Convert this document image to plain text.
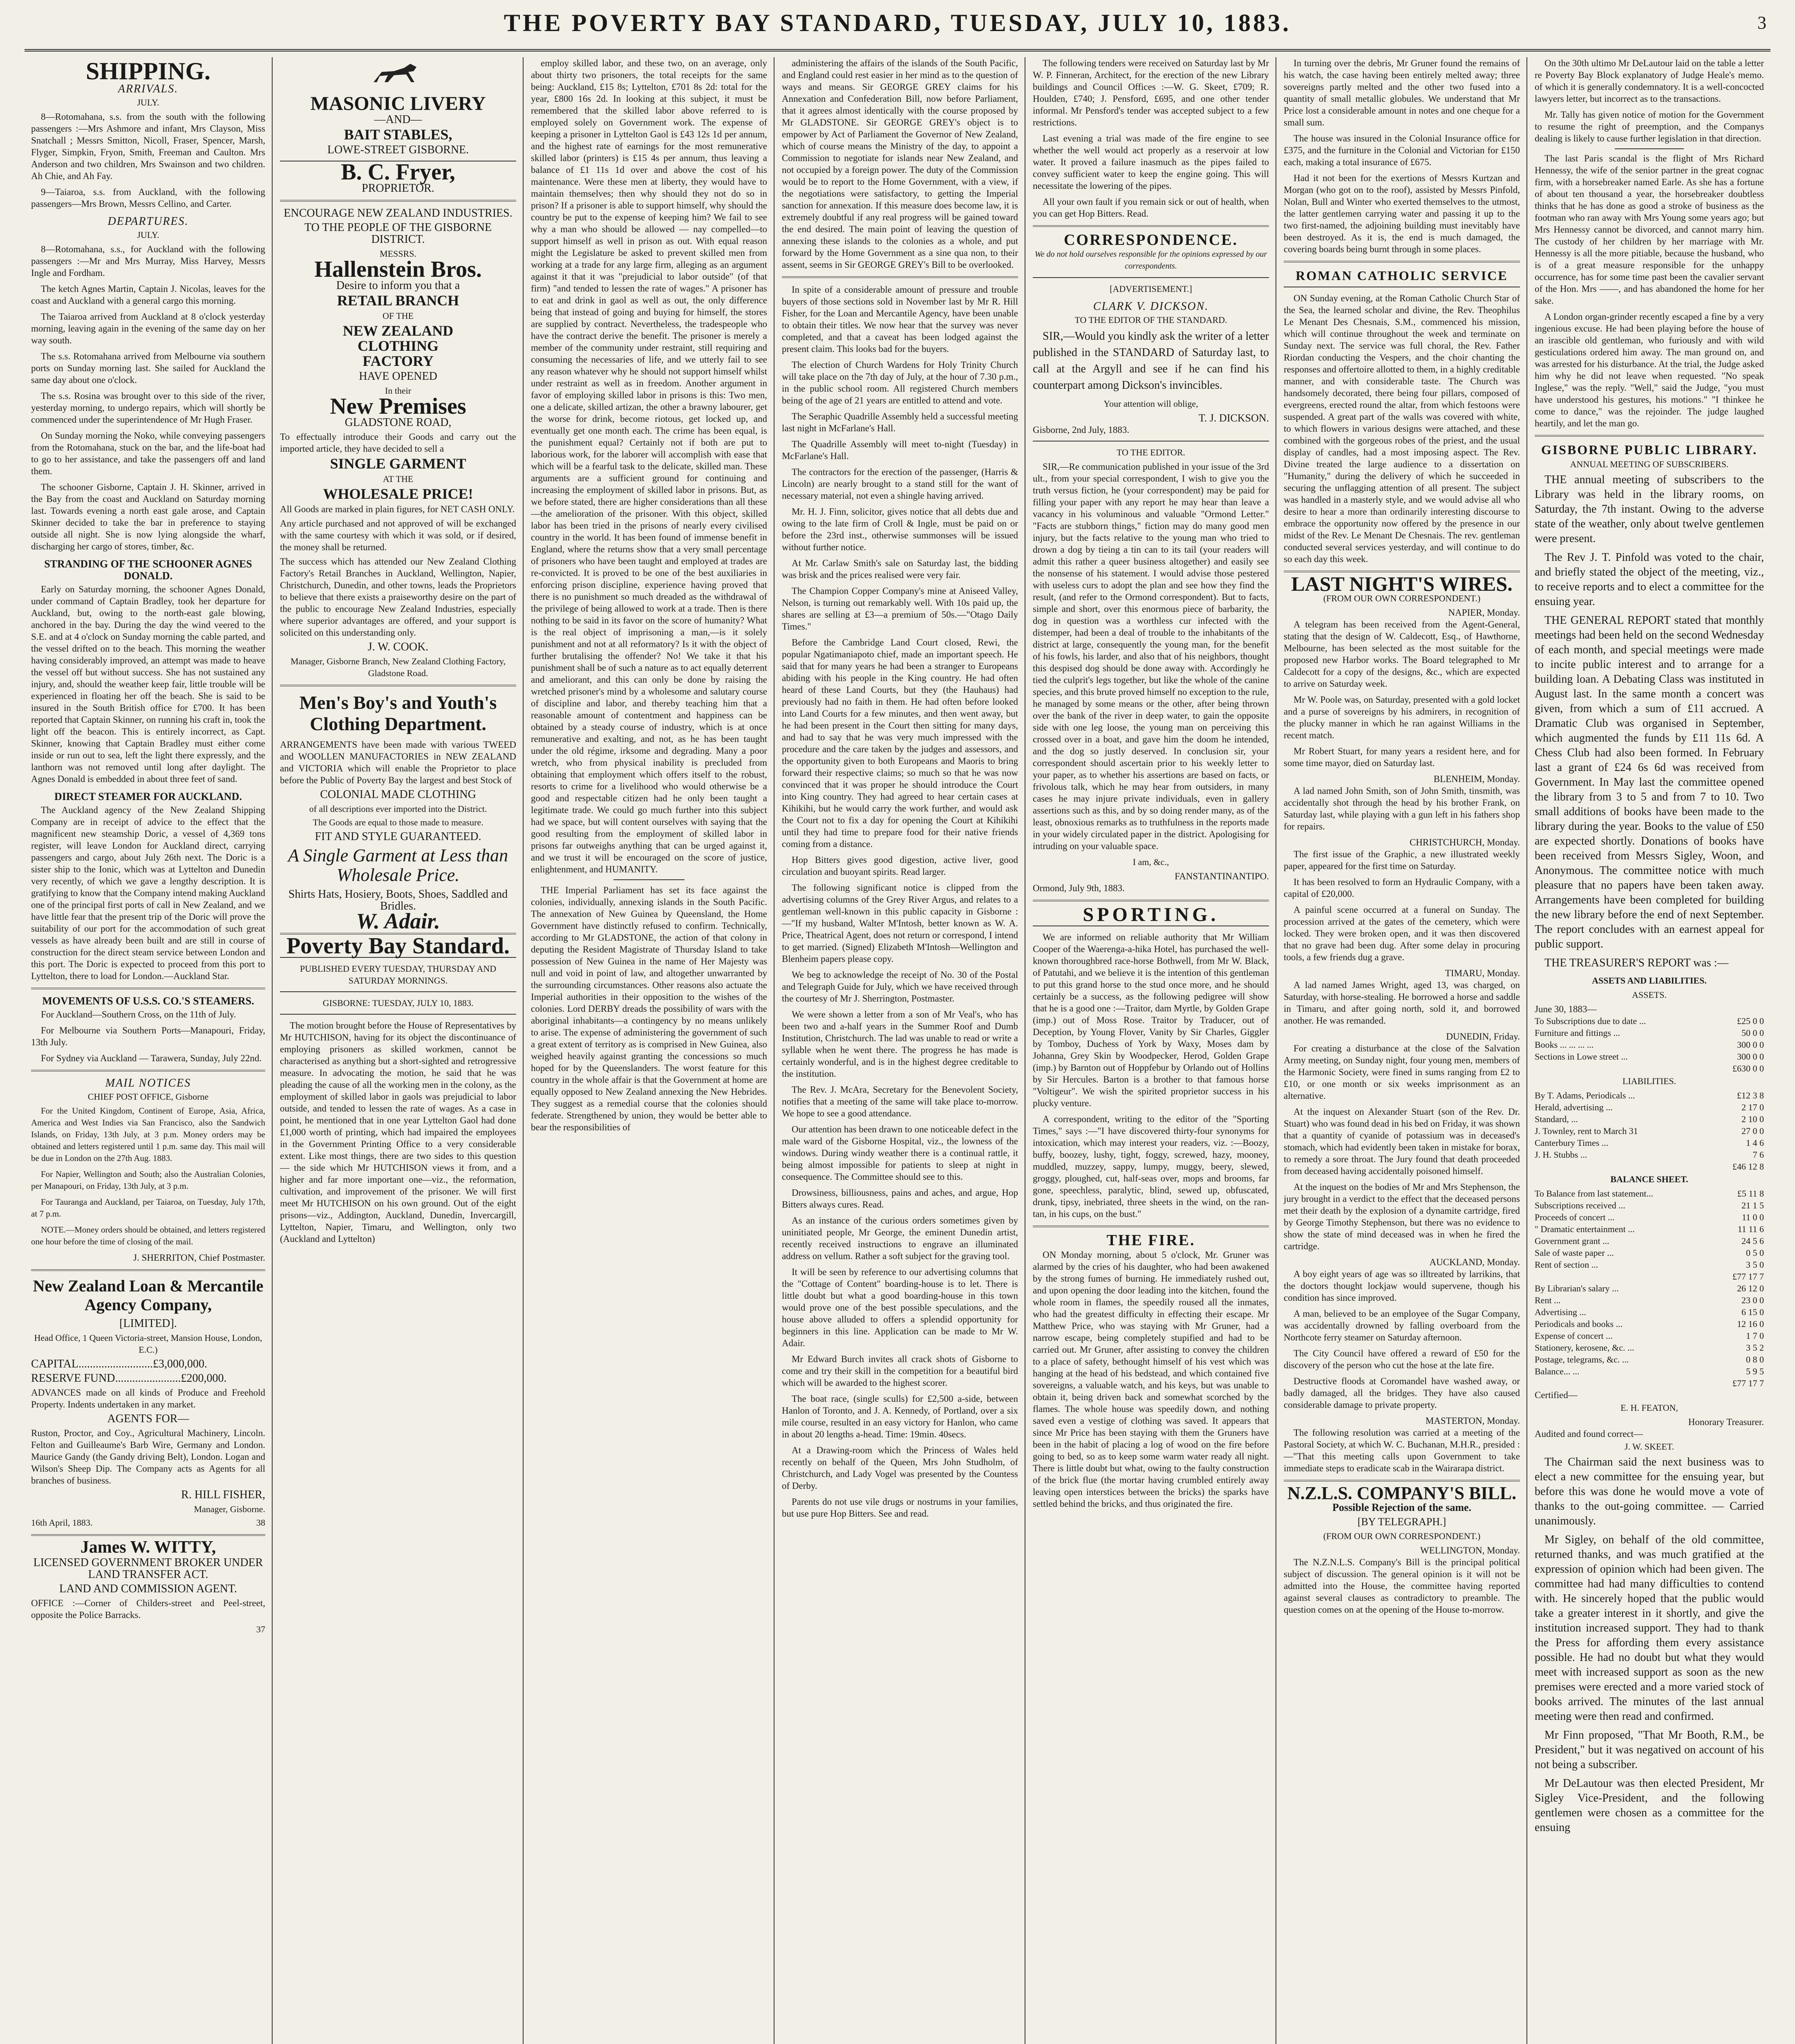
THE POVERTY BAY STANDARD, TUESDAY, JULY 10, 1883.	3
SHIPPING.
ARRIVALS.
JULY.

8—Rotomahana, s.s. from the south with the following passengers :—Mrs Ashmore and infant, Mrs Clayson, Miss Snatchall ; Messrs Smitton, Nicoll, Fraser, Spencer, Marsh, Flyger, Simpkin, Fryon, Smith, Freeman and Caulton. Mrs Anderson and two children, Mrs Swainson and two children. Ah Chie, and Ah Fay.

9—Taiaroa, s.s. from Auckland, with the following passengers—Mrs Brown, Messrs Cellino, and Carter.

DEPARTURES.
JULY.

8—Rotomahana, s.s., for Auckland with the following passengers :—Mr and Mrs Murray, Miss Harvey, Messrs Ingle and Fordham.

The ketch Agnes Martin, Captain J. Nicolas, leaves for the coast and Auckland with a general cargo this morning.

The Taiaroa arrived from Auckland at 8 o'clock yesterday morning, leaving again in the evening of the same day on her way south.

The s.s. Rotomahana arrived from Melbourne via southern ports on Sunday morning last. She sailed for Auckland the same day about one o'clock.

The s.s. Rosina was brought over to this side of the river, yesterday morning, to undergo repairs, which will shortly be commenced under the superintendence of Mr Hugh Fraser.

On Sunday morning the Noko, while conveying passengers from the Rotomahana, stuck on the bar, and the life-boat had to go to her assistance, and take the passengers off and land them.

The schooner Gisborne, Captain J. H. Skinner, arrived in the Bay from the coast and Auckland on Saturday morning last. Towards evening a north east gale arose, and Captain Skinner decided to take the bar in preference to staying outside all night. She is now lying alongside the wharf, discharging her cargo of stores, timber, &c.

STRANDING OF THE SCHOONER AGNES DONALD.

Early on Saturday morning, the schooner Agnes Donald, under command of Captain Bradley, took her departure for Auckland, but, owing to the north-east gale blowing, anchored in the bay. During the day the wind veered to the S.E. and at 4 o'clock on Sunday morning the cable parted, and the vessel drifted on to the beach. This morning the weather having considerably improved, an attempt was made to heave the vessel off but without success. She has not sustained any injury, and, should the weather keep fair, little trouble will be experienced in floating her off the beach. She is said to be insured in the South British office for £700. It has been reported that Captain Skinner, on running his craft in, took the light off the beacon. This is entirely incorrect, as Capt. Skinner, knowing that Captain Bradley must either come inside or run out to sea, left the light there expressly, and the lanthorn was not removed until long after daylight. The Agnes Donald is embedded in about three feet of sand.

DIRECT STEAMER FOR AUCKLAND.

The Auckland agency of the New Zealand Shipping Company are in receipt of advice to the effect that the magnificent new steamship Doric, a vessel of 4,369 tons register, will leave London for Auckland direct, carrying passengers and cargo, about July 26th next. The Doric is a sister ship to the Ionic, which was at Lyttelton and Dunedin very recently, of which we gave a lengthy description. It is gratifying to know that the Company intend making Auckland one of the principal first ports of call in New Zealand, and we have little fear that the present trip of the Doric will prove the suitability of our port for the accommodation of such great vessels as have already been built and are still in course of construction for the direct steam service between London and this port. The Doric is expected to proceed from this port to Lyttelton, there to load for London.—Auckland Star.

MOVEMENTS OF U.S.S. CO.'S STEAMERS.

For Auckland—Southern Cross, on the 11th of July.

For Melbourne via Southern Ports—Manapouri, Friday, 13th July.

For Sydney via Auckland — Tarawera, Sunday, July 22nd.

MAIL NOTICES
CHIEF POST OFFICE, Gisborne

For the United Kingdom, Continent of Europe, Asia, Africa, America and West Indies via San Francisco, also the Sandwich Islands, on Friday, 13th July, at 3 p.m. Money orders may be obtained and letters registered until 1 p.m. same day. This mail will be due in London on the 27th Aug. 1883.

For Napier, Wellington and South; also the Australian Colonies, per Manapouri, on Friday, 13th July, at 3 p.m.

For Tauranga and Auckland, per Taiaroa, on Tuesday, July 17th, at 7 p.m.

NOTE.—Money orders should be obtained, and letters registered one hour before the time of closing of the mail.

J. SHERRITON, Chief Postmaster.
New Zealand Loan & Mercantile Agency Company,
[LIMITED].
Head Office, 1 Queen Victoria-street, Mansion House, London, E.C.)
CAPITAL..........................£3,000,000.
RESERVE FUND.......................£200,000.
ADVANCES made on all kinds of Produce and Freehold Property. Indents undertaken in any market.
AGENTS FOR—
Ruston, Proctor, and Coy., Agricultural Machinery, Lincoln. Felton and Guilleaume's Barb Wire, Germany and London. Maurice Gandy (the Gandy driving Belt), London. Logan and Wilson's Sheep Dip. The Company acts as Agents for all branches of business.
R. HILL FISHER,
Manager, Gisborne.
16th April, 1883.	38
James W. WITTY,
LICENSED GOVERNMENT BROKER UNDER LAND TRANSFER ACT.
LAND AND COMMISSION AGENT.
OFFICE :—Corner of Childers-street and Peel-street, opposite the Police Barracks.
37
MASONIC LIVERY
—AND—
BAIT STABLES,
LOWE-STREET GISBORNE.
B. C. Fryer,
PROPRIETOR.
ENCOURAGE NEW ZEALAND INDUSTRIES.
TO THE PEOPLE OF THE GISBORNE DISTRICT.
MESSRS.
Hallenstein Bros.
Desire to inform you that a
RETAIL BRANCH
OF THE
NEW ZEALAND
CLOTHING
FACTORY
HAVE OPENED
In their
New Premises
GLADSTONE ROAD,
To effectually introduce their Goods and carry out the imported article, they have decided to sell a
SINGLE GARMENT
AT THE
WHOLESALE PRICE!
All Goods are marked in plain figures, for NET CASH ONLY.
Any article purchased and not approved of will be exchanged with the same courtesy with which it was sold, or if desired, the money shall be returned.
The success which has attended our New Zealand Clothing Factory's Retail Branches in Auckland, Wellington, Napier, Christchurch, Dunedin, and other towns, leads the Proprietors to believe that there exists a praiseworthy desire on the part of the public to encourage New Zealand Industries, especially where superior advantages are offered, and your support is solicited on this understanding only.
J. W. COOK.
Manager, Gisborne Branch, New Zealand Clothing Factory, Gladstone Road.
Men's Boy's and Youth's Clothing Department.
ARRANGEMENTS have been made with various TWEED and WOOLLEN MANUFACTORIES in NEW ZEALAND and VICTORIA which will enable the Proprietor to place before the Public of Poverty Bay the largest and best Stock of
COLONIAL MADE CLOTHING
of all descriptions ever imported into the District.
The Goods are equal to those made to measure.
FIT AND STYLE GUARANTEED.
A Single Garment at Less than Wholesale Price.
Shirts Hats, Hosiery, Boots, Shoes, Saddled and Bridles.
W. Adair.
Poverty Bay Standard.
PUBLISHED EVERY TUESDAY, THURSDAY AND SATURDAY MORNINGS.
GISBORNE: TUESDAY, JULY 10, 1883.

The motion brought before the House of Representatives by Mr HUTCHISON, having for its object the discontinuance of employing prisoners as skilled workmen, cannot be characterised as anything but a short-sighted and retrogressive measure. In advocating the motion, he said that he was pleading the cause of all the working men in the colony, as the employment of skilled labor in gaols was prejudicial to labor outside, and tended to lessen the rate of wages. As a case in point, he mentioned that in one year Lyttelton Gaol had done £1,000 worth of printing, which had impaired the employees in the Government Printing Office to a very considerable extent. Like most things, there are two sides to this question — the side which Mr HUTCHISON views it from, and a higher and far more important one—viz., the reformation, cultivation, and improvement of the prisoner. We will first meet Mr HUTCHISON on his own ground. Out of the eight prisons—viz., Addington, Auckland, Dunedin, Invercargill, Lyttelton, Napier, Timaru, and Wellington, only two (Auckland and Lyttelton)

employ skilled labor, and these two, on an average, only about thirty two prisoners, the total receipts for the same being: Auckland, £15 8s; Lyttelton, £701 8s 2d: total for the year, £800 16s 2d. In looking at this subject, it must be remembered that the skilled labor above referred to is employed solely on Government work. The expense of keeping a prisoner in Lyttelton Gaol is £43 12s 1d per annum, and the highest rate of earnings for the most remunerative skilled labor (printers) is £15 4s per annum, thus leaving a balance of £1 11s 1d over and above the cost of his maintenance. Were these men at liberty, they would have to maintain themselves; then why should they not do so in prison? If a prisoner is able to support himself, why should the country be put to the expense of keeping him? We fail to see why a man who should be allowed — nay compelled—to support himself as well in prison as out. With equal reason might the Legislature be asked to prevent skilled men from working at a trade for any large firm, alleging as an argument against it that it was "prejudicial to labor outside" (of that firm) "and tended to lessen the rate of wages." A prisoner has to eat and drink in gaol as well as out, the only difference being that instead of going and buying for himself, the stores are supplied by contract. Nevertheless, the tradespeople who have the contract derive the benefit. The prisoner is merely a member of the community under restraint, still requiring and consuming the necessaries of life, and we utterly fail to see any reason whatever why he should not support himself whilst under restraint as well as in freedom. Another argument in favor of employing skilled labor in prisons is this: Two men, one a delicate, skilled artizan, the other a brawny labourer, get the worse for drink, become riotous, get locked up, and eventually get one month each. The crime has been equal, is the punishment equal? Certainly not if both are put to laborious work, for the laborer will accomplish with ease that which will be a fearful task to the delicate, skilled man. These arguments are a sufficient ground for continuing and increasing the employment of skilled labor in prisons. But, as we before stated, there are higher considerations than all these—the amelioration of the prisoner. With this object, skilled labor has been tried in the prisons of nearly every civilised country in the world. It has been found of immense benefit in England, where the returns show that a very small percentage of prisoners who have been taught and employed at trades are re-convicted. It is proved to be one of the best auxiliaries in enforcing prison discipline, experience having proved that there is no punishment so much dreaded as the withdrawal of the privilege of being allowed to work at a trade. Then is there nothing to be said in its favor on the score of humanity? What is the real object of imprisoning a man,—is it solely punishment and not at all reformatory? Is it with the object of further brutalising the offender? No! We take it that his punishment shall be of such a nature as to act equally deterrent and ameliorant, and this can only be done by raising the wretched prisoner's mind by a wholesome and salutary course of discipline and labor, and thereby teaching him that a reasonable amount of contentment and happiness can be obtained by a steady course of industry, which is at once remunerative and exalting, and not, as he has been taught under the old régime, irksome and degrading. Many a poor wretch, who from physical inability is precluded from obtaining that employment which offers itself to the robust, resorts to crime for a livelihood who would otherwise be a good and respectable citizen had he only been taught a legitimate trade. We could go much further into this subject had we space, but will content ourselves with saying that the good resulting from the employment of skilled labor in prisons far outweighs anything that can be urged against it, and we trust it will be encouraged on the score of justice, enlightenment, and HUMANITY.

THE Imperial Parliament has set its face against the colonies, individually, annexing islands in the South Pacific. The annexation of New Guinea by Queensland, the Home Government have distinctly refused to confirm. Technically, according to Mr GLADSTONE, the action of that colony in deputing the Resident Magistrate of Thursday Island to take possession of New Guinea in the name of Her Majesty was null and void in point of law, and altogether unwarranted by the surrounding circumstances. Other reasons also actuate the Imperial authorities in their opposition to the wishes of the colonies. Lord DERBY dreads the possibility of wars with the aboriginal inhabitants—a contingency by no means unlikely to arise. The expense of administering the government of such a great extent of territory as is comprised in New Guinea, also weighed heavily against granting the concessions so much hoped for by the Queenslanders. The worst feature for this country in the whole affair is that the Government at home are equally opposed to New Zealand annexing the New Hebrides. They suggest as a remedial course that the colonies should federate. Strengthened by union, they would be better able to bear the responsibilities of

administering the affairs of the islands of the South Pacific, and England could rest easier in her mind as to the question of ways and means. Sir GEORGE GREY claims for his Annexation and Confederation Bill, now before Parliament, that it agrees almost identically with the course proposed by Mr GLADSTONE. Sir GEORGE GREY's object is to empower by Act of Parliament the Governor of New Zealand, which of course means the Ministry of the day, to appoint a Commission to negotiate for islands near New Zealand, and not occupied by a foreign power. The duty of the Commission would be to report to the Home Government, with a view, if the negotiations were satisfactory, to getting the Imperial sanction for annexation. If this measure does become law, it is extremely doubtful if any real progress will be gained toward the end desired. The main point of leaving the question of annexing these islands to the colonies as a whole, and put forward by the Home Government as a sine qua non, to their assent, seems in Sir GEORGE GREY's Bill to be overlooked.

In spite of a considerable amount of pressure and trouble buyers of those sections sold in November last by Mr R. Hill Fisher, for the Loan and Mercantile Agency, have been unable to obtain their titles. We now hear that the survey was never completed, and that a caveat has been lodged against the present claim. This looks bad for the buyers.

The election of Church Wardens for Holy Trinity Church will take place on the 7th day of July, at the hour of 7.30 p.m., in the public school room. All registered Church members being of the age of 21 years are entitled to attend and vote.

The Seraphic Quadrille Assembly held a successful meeting last night in McFarlane's Hall.

The Quadrille Assembly will meet to-night (Tuesday) in McFarlane's Hall.

The contractors for the erection of the passenger, (Harris & Lincoln) are nearly brought to a stand still for the want of necessary material, not even a shingle having arrived.

Mr. H. J. Finn, solicitor, gives notice that all debts due and owing to the late firm of Croll & Ingle, must be paid on or before the 23rd inst., otherwise summonses will be issued without further notice.

At Mr. Carlaw Smith's sale on Saturday last, the bidding was brisk and the prices realised were very fair.

The Champion Copper Company's mine at Aniseed Valley, Nelson, is turning out remarkably well. With 10s paid up, the shares are selling at £3—a premium of 50s.—"Otago Daily Times."

Before the Cambridge Land Court closed, Rewi, the popular Ngatimaniapoto chief, made an important speech. He said that for many years he had been a stranger to Europeans abiding with his people in the King country. He had often heard of these Land Courts, but they (the Hauhaus) had previously had no faith in them. He had often before looked into Land Courts for a few minutes, and then went away, but he had been present in the Court then sitting for many days, and had to say that he was very much impressed with the procedure and the care taken by the judges and assessors, and the opportunity given to both Europeans and Maoris to bring forward their respective claims; so much so that he was now convinced that it was proper he should introduce the Court into King country. They had agreed to hear certain cases at Kihikihi, but he would carry the work further, and would ask the Court not to fix a day for opening the Court at Kihikihi until they had time to prepare food for their native friends coming from a distance.

Hop Bitters gives good digestion, active liver, good circulation and buoyant spirits. Read larger.

The following significant notice is clipped from the advertising columns of the Grey River Argus, and relates to a gentleman well-known in this public capacity in Gisborne :—"If my husband, Walter M'Intosh, better known as W. A. Price, Theatrical Agent, does not return or correspond, I intend to get married. (Signed) Elizabeth M'Intosh—Wellington and Blenheim papers please copy.

We beg to acknowledge the receipt of No. 30 of the Postal and Telegraph Guide for July, which we have received through the courtesy of Mr J. Sherrington, Postmaster.

We were shown a letter from a son of Mr Veal's, who has been two and a-half years in the Summer Roof and Dumb Institution, Christchurch. The lad was unable to read or write a syllable when he went there. The progress he has made is certainly wonderful, and is in the highest degree creditable to the institution.

The Rev. J. McAra, Secretary for the Benevolent Society, notifies that a meeting of the same will take place to-morrow. We hope to see a good attendance.

Our attention has been drawn to one noticeable defect in the male ward of the Gisborne Hospital, viz., the lowness of the windows. During windy weather there is a continual rattle, it being almost impossible for patients to sleep at night in consequence. The Committee should see to this.

Drowsiness, billiousness, pains and aches, and argue, Hop Bitters always cures. Read.

As an instance of the curious orders sometimes given by uninitiated people, Mr George, the eminent Dunedin artist, recently received instructions to engrave an illuminated address on vellum. Rather a soft subject for the graving tool.

It will be seen by reference to our advertising columns that the "Cottage of Content" boarding-house is to let. There is little doubt but what a good boarding-house in this town would prove one of the best possible speculations, and the house above alluded to offers a splendid opportunity for beginners in this line. Application can be made to Mr W. Adair.

Mr Edward Burch invites all crack shots of Gisborne to come and try their skill in the competition for a beautiful bird which will be awarded to the highest scorer.

The boat race, (single sculls) for £2,500 a-side, between Hanlon of Toronto, and J. A. Kennedy, of Portland, over a six mile course, resulted in an easy victory for Hanlon, who came in about 20 lengths a-head. Time: 19min. 40secs.

At a Drawing-room which the Princess of Wales held recently on behalf of the Queen, Mrs John Studholm, of Christchurch, and Lady Vogel was presented by the Countess of Derby.

Parents do not use vile drugs or nostrums in your families, but use pure Hop Bitters. See and read.

The following tenders were received on Saturday last by Mr W. P. Finneran, Architect, for the erection of the new Library buildings and Council Offices :—W. G. Skeet, £709; R. Houlden, £740; J. Pensford, £695, and one other tender informal. Mr Pensford's tender was accepted subject to a few restrictions.

Last evening a trial was made of the fire engine to see whether the well would act properly as a reservoir at low water. It proved a failure inasmuch as the pipes failed to convey sufficient water to keep the engine going. This will necessitate the lowering of the pipes.

All your own fault if you remain sick or out of health, when you can get Hop Bitters. Read.

CORRESPONDENCE.
We do not hold ourselves responsible for the opinions expressed by our correspondents.
[ADVERTISEMENT.]
CLARK V. DICKSON.
TO THE EDITOR OF THE STANDARD.

SIR,—Would you kindly ask the writer of a letter published in the STANDARD of Saturday last, to call at the Argyll and see if he can find his counterpart among Dickson's invincibles.

Your attention will oblige,
T. J. DICKSON.
Gisborne, 2nd July, 1883.
TO THE EDITOR.

SIR,—Re communication published in your issue of the 3rd ult., from your special correspondent, I wish to give you the truth versus fiction, he (your correspondent) may be paid for filling your paper with any report he may hear than leave a vacancy in his voluminous and valuable "Ormond Letter." "Facts are stubborn things," fiction may do many good men injury, but the facts relative to the young man who tried to drown a dog by tieing a tin can to its tail (your readers will admit this rather a queer business altogether) and easily see the nonsense of his statement. I would advise those pestered with useless curs to adopt the plan and see how they find the result, (and refer to the Ormond correspondent). But to facts, simple and short, over this enormous piece of barbarity, the dog in question was a worthless cur infected with the distemper, had been a deal of trouble to the inhabitants of the district at large, consequently the young man, for the benefit of his fowls, his larder, and also that of his neighbors, thought this despised dog should be done away with. Accordingly he tied the culprit's legs together, but like the whole of the canine species, and this brute proved himself no exception to the rule, he managed by some means or the other, after being thrown over the bank of the river in deep water, to gain the opposite side with one leg loose, the young man on perceiving this crossed over in a boat, and gave him the doom he intended, and the dog so justly deserved. In conclusion sir, your correspondent should ascertain prior to his weekly letter to your paper, as to whether his assertions are based on facts, or frivolous talk, which he may hear from outsiders, in many cases he may injure private individuals, even in gallery assertions such as this, and by so doing render many, as of the least, obnoxious remarks as to truthfulness in the reports made in your widely circulated paper in the district. Apologising for intruding on your valuable space.

I am, &c.,
FANSTANTINANTIPO.
Ormond, July 9th, 1883.
SPORTING.

We are informed on reliable authority that Mr William Cooper of the Waerenga-a-hika Hotel, has purchased the well-known thoroughbred race-horse Bothwell, from Mr W. Black, of Patutahi, and we believe it is the intention of this gentleman to put this grand horse to the stud once more, and he should certainly be a success, as the following pedigree will show that he is a good one :—Traitor, dam Myrtle, by Golden Grape (imp.) out of Moss Rose. Traitor by Traducer, out of Deception, by Young Flover, Vanity by Sir Charles, Giggler by Tomboy, Duchess of York by Waxy, Moses dam by Johanna, Grey Skin by Woodpecker, Herod, Golden Grape (imp.) by Barnton out of Hoppfebur by Orlando out of Hollins by Sir Hercules. Barton is a brother to that famous horse "Voltigeur". We wish the spirited proprietor success in his plucky venture.

A correspondent, writing to the editor of the "Sporting Times," says :—"I have discovered thirty-four synonyms for intoxication, which may interest your readers, viz. :—Boozy, buffy, boozey, lushy, tight, foggy, screwed, hazy, mooney, muddled, muzzey, sappy, lumpy, muggy, beery, slewed, groggy, ploughed, cut, half-seas over, mops and brooms, far gone, speechless, paralytic, blind, sewed up, obfuscated, drunk, tipsy, inebriated, three sheets in the wind, on the ran-tan, in his cups, on the bust."

THE FIRE.

ON Monday morning, about 5 o'clock, Mr. Gruner was alarmed by the cries of his daughter, who had been awakened by the strong fumes of burning. He immediately rushed out, and upon opening the door leading into the kitchen, found the whole room in flames, the speedily roused all the inmates, who had the greatest difficulty in effecting their escape. Mr Matthew Price, who was staying with Mr Gruner, had a narrow escape, being completely stupified and had to be carried out. Mr Gruner, after assisting to convey the children to a place of safety, bethought himself of his vest which was hanging at the head of his bedstead, and which contained five sovereigns, a valuable watch, and his keys, but was unable to obtain it, being driven back and somewhat scorched by the flames. The whole house was speedily down, and nothing saved even a vestige of clothing was saved. It appears that since Mr Price has been staying with them the Gruners have been in the habit of placing a log of wood on the fire before going to bed, so as to keep some warm water ready all night. There is little doubt but what, owing to the faulty construction of the brick flue (the mortar having crumbled entirely away leaving open interstices between the bricks) the sparks have settled behind the bricks, and thus originated the fire.

In turning over the debris, Mr Gruner found the remains of his watch, the case having been entirely melted away; three sovereigns partly melted and the other two fused into a quantity of small metallic globules. We understand that Mr Price lost a considerable amount in notes and one cheque for a small sum.

The house was insured in the Colonial Insurance office for £375, and the furniture in the Colonial and Victorian for £150 each, making a total insurance of £675.

Had it not been for the exertions of Messrs Kurtzan and Morgan (who got on to the roof), assisted by Messrs Pinfold, Nolan, Bull and Winter who exerted themselves to the utmost, the latter gentlemen carrying water and passing it up to the two first-named, the adjoining building must inevitably have been destroyed. As it is, the end is much damaged, the covering boards being burnt through in some places.

ROMAN CATHOLIC SERVICE

ON Sunday evening, at the Roman Catholic Church Star of the Sea, the learned scholar and divine, the Rev. Theophilus Le Menant Des Chesnais, S.M., commenced his mission, which will continue throughout the week and terminate on Sunday next. The service was full choral, the Rev. Father Riordan conducting the Vespers, and the choir chanting the responses and offertoire allotted to them, in a highly creditable manner, and with considerable taste. The Church was handsomely decorated, there being four pillars, composed of evergreens, erected round the altar, from which festoons were suspended. A great part of the walls was covered with white, to which flowers in various designs were attached, and these combined with the gorgeous robes of the priest, and the usual display of candles, had a most imposing aspect. The Rev. Divine treated the large audience to a dissertation on "Humanity," during the delivery of which he succeeded in securing the unflagging attention of all present. The subject was handled in a masterly style, and we would advise all who desire to hear a more than ordinarily interesting discourse to embrace the opportunity now offered by the presence in our midst of the Rev. Le Menant De Chesnais. The rev. gentleman conducted several services yesterday, and will continue to do so each day this week.

LAST NIGHT'S WIRES.
(FROM OUR OWN CORRESPONDENT.)
NAPIER, Monday.

A telegram has been received from the Agent-General, stating that the design of W. Caldecott, Esq., of Hawthorne, Melbourne, has been selected as the most suitable for the proposed new Harbor works. The Board telegraphed to Mr Caldecott for a copy of the designs, &c., which are expected to arrive on Saturday week.

Mr W. Poole was, on Saturday, presented with a gold locket and a purse of sovereigns by his admirers, in recognition of the plucky manner in which he ran against Williams in the recent match.

Mr Robert Stuart, for many years a resident here, and for some time mayor, died on Saturday last.

BLENHEIM, Monday.

A lad named John Smith, son of John Smith, tinsmith, was accidentally shot through the head by his brother Frank, on Saturday last, while playing with a gun left in his fathers shop for repairs.

CHRISTCHURCH, Monday.

The first issue of the Graphic, a new illustrated weekly paper, appeared for the first time on Saturday.

It has been resolved to form an Hydraulic Company, with a capital of £20,000.

A painful scene occurred at a funeral on Sunday. The procession arrived at the gates of the cemetery, which were locked. They were broken open, and it was then discovered that no grave had been dug. After some delay in procuring tools, a few friends dug a grave.

TIMARU, Monday.

A lad named James Wright, aged 13, was charged, on Saturday, with horse-stealing. He borrowed a horse and saddle in Timaru, and after going north, sold it, and borrowed another. He was remanded.

DUNEDIN, Friday.

For creating a disturbance at the close of the Salvation Army meeting, on Sunday night, four young men, members of the Harmonic Society, were fined in sums ranging from £2 to £10, or one month or six weeks imprisonment as an alternative.

At the inquest on Alexander Stuart (son of the Rev. Dr. Stuart) who was found dead in his bed on Friday, it was shown that a quantity of cyanide of potassium was in deceased's stomach, which had evidently been taken in mistake for borax, to remedy a sore throat. The Jury found that death proceeded from deceased having accidentally poisoned himself.

At the inquest on the bodies of Mr and Mrs Stephenson, the jury brought in a verdict to the effect that the deceased persons met their death by the explosion of a dynamite cartridge, fired by George Timothy Stephenson, but there was no evidence to show the state of mind deceased was in when he fired the cartridge.

AUCKLAND, Monday.

A boy eight years of age was so illtreated by larrikins, that the doctors thought lockjaw would supervene, though his condition has since improved.

A man, believed to be an employee of the Sugar Company, was accidentally drowned by falling overboard from the Northcote ferry steamer on Saturday afternoon.

The City Council have offered a reward of £50 for the discovery of the person who cut the hose at the late fire.

Destructive floods at Coromandel have washed away, or badly damaged, all the bridges. They have also caused considerable damage to private property.

MASTERTON, Monday.

The following resolution was carried at a meeting of the Pastoral Society, at which W. C. Buchanan, M.H.R., presided :—"That this meeting calls upon Government to take immediate steps to eradicate scab in the Wairarapa district.

N.Z.L.S. COMPANY'S BILL.
Possible Rejection of the same.
[BY TELEGRAPH.]
(FROM OUR OWN CORRESPONDENT.)
WELLINGTON, Monday.

The N.Z.N.L.S. Company's Bill is the principal political subject of discussion. The general opinion is it will not be admitted into the House, the committee having reported against several clauses as contradictory to preamble. The question comes on at the opening of the House to-morrow.

On the 30th ultimo Mr DeLautour laid on the table a letter re Poverty Bay Block explanatory of Judge Heale's memo. of which it is generally condemnatory. It is a well-concocted lawyers letter, but incorrect as to the transactions.

Mr. Tally has given notice of motion for the Government to resume the right of preemption, and the Companys dealing is likely to cause further legislation in that direction.

The last Paris scandal is the flight of Mrs Richard Hennessy, the wife of the senior partner in the great cognac firm, with a horsebreaker named Earle. As she has a fortune of about ten thousand a year, the horsebreaker doubtless thinks that he has done as good a stroke of business as the footman who ran away with Mrs Young some years ago; but Mrs Hennessy cannot be divorced, and cannot marry him. The custody of her children by her marriage with Mr. Hennessy is all the more pitiable, because the husband, who is of a great measure responsible for the unhappy occurrence, has for some time past been the cavalier servant of the Hon. Mrs ——, and has abandoned the home for her sake.

A London organ-grinder recently escaped a fine by a very ingenious excuse. He had been playing before the house of an irascible old gentleman, who furiously and with wild gesticulations ordered him away. The man ground on, and was arrested for his disturbance. At the trial, the Judge asked him why he did not leave when requested. "No speak Inglese," was the reply. "Well," said the Judge, "you must have understood his gestures, his motions." "I thinkee he come to dance," was the rejoinder. The judge laughed heartily, and let the man go.

GISBORNE PUBLIC LIBRARY.
ANNUAL MEETING OF SUBSCRIBERS.

THE annual meeting of subscribers to the Library was held in the library rooms, on Saturday, the 7th instant. Owing to the adverse state of the weather, only about twelve gentlemen were present.

The Rev J. T. Pinfold was voted to the chair, and briefly stated the object of the meeting, viz., to receive reports and to elect a committee for the ensuing year.

THE GENERAL REPORT stated that monthly meetings had been held on the second Wednesday of each month, and special meetings were made to incite public interest and to arrange for a building loan. A Debating Class was instituted in August last. In the same month a concert was given, from which a sum of £11 accrued. A Dramatic Club was organised in September, which augmented the funds by £11 11s 6d. A Chess Club had also been formed. In February last a grant of £24 6s 6d was received from Government. In May last the committee opened the library from 3 to 5 and from 7 to 10. Two small additions of books have been made to the library during the year. Books to the value of £50 are expected shortly. Donations of books have been received from Messrs Sigley, Woon, and Anonymous. The committee notice with much pleasure that no papers have been taken away. Arrangements have been completed for building the new library before the end of next September. The report concludes with an earnest appeal for public support.

THE TREASURER'S REPORT was :—

ASSETS AND LIABILITIES.
ASSETS.
June 30, 1883—
To Subscriptions due to date ...	£25 0 0
Furniture and fittings ...	50 0 0
Books ... ... ... ...	300 0 0
Sections in Lowe street ...	300 0 0
£630 0 0
LIABILITIES.
By T. Adams, Periodicals ...	£12 3 8
Herald, advertising ...	2 17 0
Standard, ...	2 10 0
J. Townley, rent to March 31	27 0 0
Canterbury Times ...	1 4 6
J. H. Stubbs ...	7 6
£46 12 8
BALANCE SHEET.
To Balance from last statement...	£5 11 8
Subscriptions received ...	21 1 5
Proceeds of concert ...	11 0 0
" Dramatic entertainment ...	11 11 6
Government grant ...	24 5 6
Sale of waste paper ...	0 5 0
Rent of section ...	3 5 0
£77 17 7
By Librarian's salary ...	26 12 0
Rent ...	23 0 0
Advertising ...	6 15 0
Periodicals and books ...	12 16 0
Expense of concert ...	1 7 0
Stationery, kerosene, &c. ...	3 5 2
Postage, telegrams, &c. ...	0 8 0
Balance... ...	5 9 5
£77 17 7
Certified—
E. H. FEATON,
Honorary Treasurer.
Audited and found correct—
J. W. SKEET.

The Chairman said the next business was to elect a new committee for the ensuing year, but before this was done he would move a vote of thanks to the out-going committee. — Carried unanimously.

Mr Sigley, on behalf of the old committee, returned thanks, and was much gratified at the expression of opinion which had been given. The committee had had many difficulties to contend with. He sincerely hoped that the public would take a greater interest in it shortly, and give the institution increased support. They had to thank the Press for affording them every assistance possible. He had no doubt but what they would meet with increased support as soon as the new premises were erected and a more varied stock of books arrived. The minutes of the last annual meeting were then read and confirmed.

Mr Finn proposed, "That Mr Booth, R.M., be President," but it was negatived on account of his not being a subscriber.

Mr DeLautour was then elected President, Mr Sigley Vice-President, and the following gentlemen were chosen as a committee for the ensuing
